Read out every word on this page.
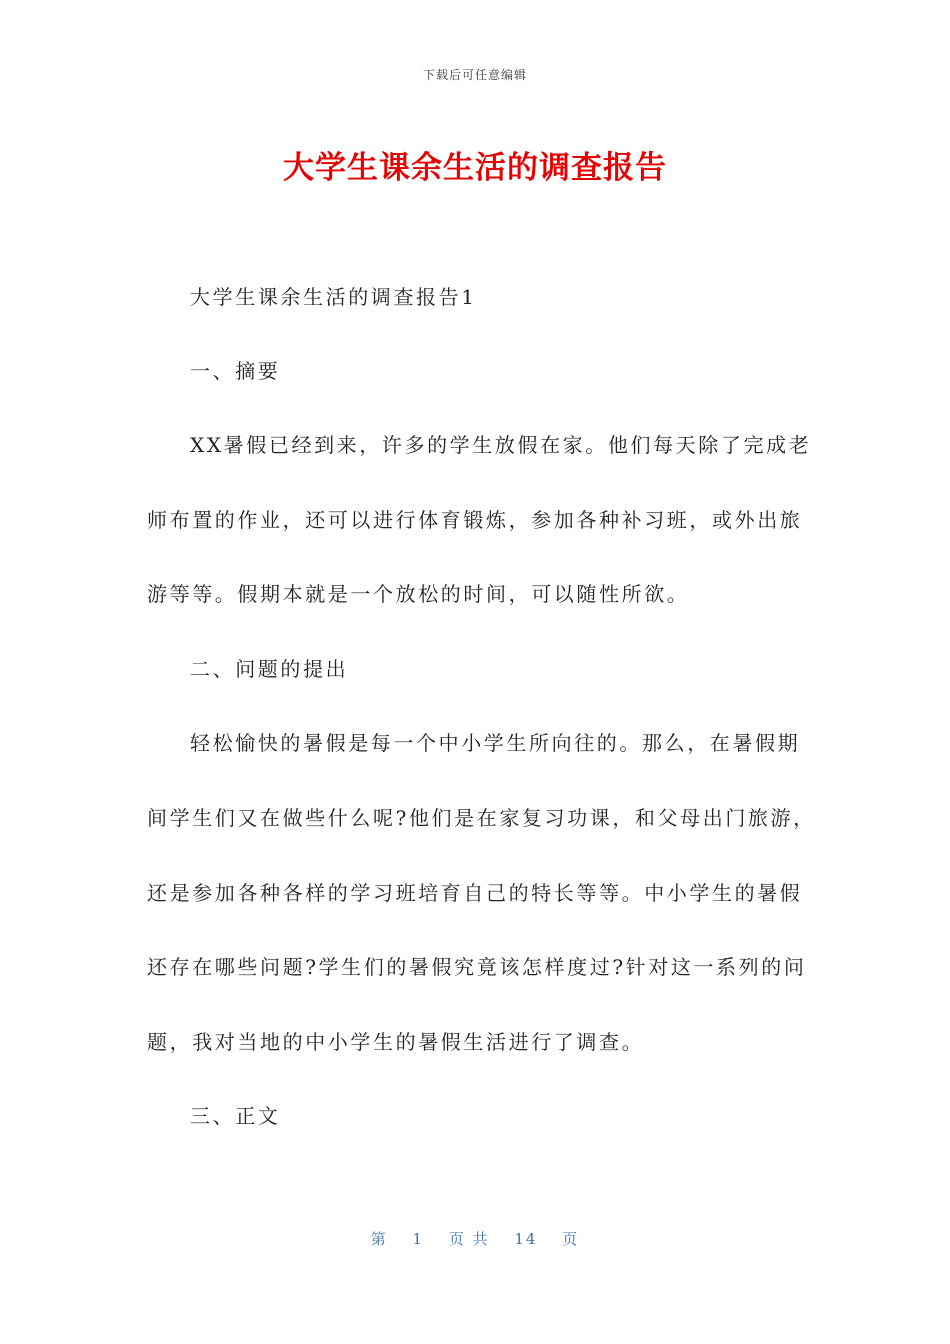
下载后可任意编辑
大学生课余生活的调查报告

大学生课余生活的调查报告1

一、摘要

XX暑假已经到来，许多的学生放假在家。他们每天除了完成老

师布置的作业，还可以进行体育锻炼，参加各种补习班，或外出旅

游等等。假期本就是一个放松的时间，可以随性所欲。

二、问题的提出

轻松愉快的暑假是每一个中小学生所向往的。那么，在暑假期

间学生们又在做些什么呢?他们是在家复习功课，和父母出门旅游，

还是参加各种各样的学习班培育自己的特长等等。中小学生的暑假

还存在哪些问题?学生们的暑假究竟该怎样度过?针对这一系列的问

题，我对当地的中小学生的暑假生活进行了调查。

三、正文

第 1 页 共 14 页
